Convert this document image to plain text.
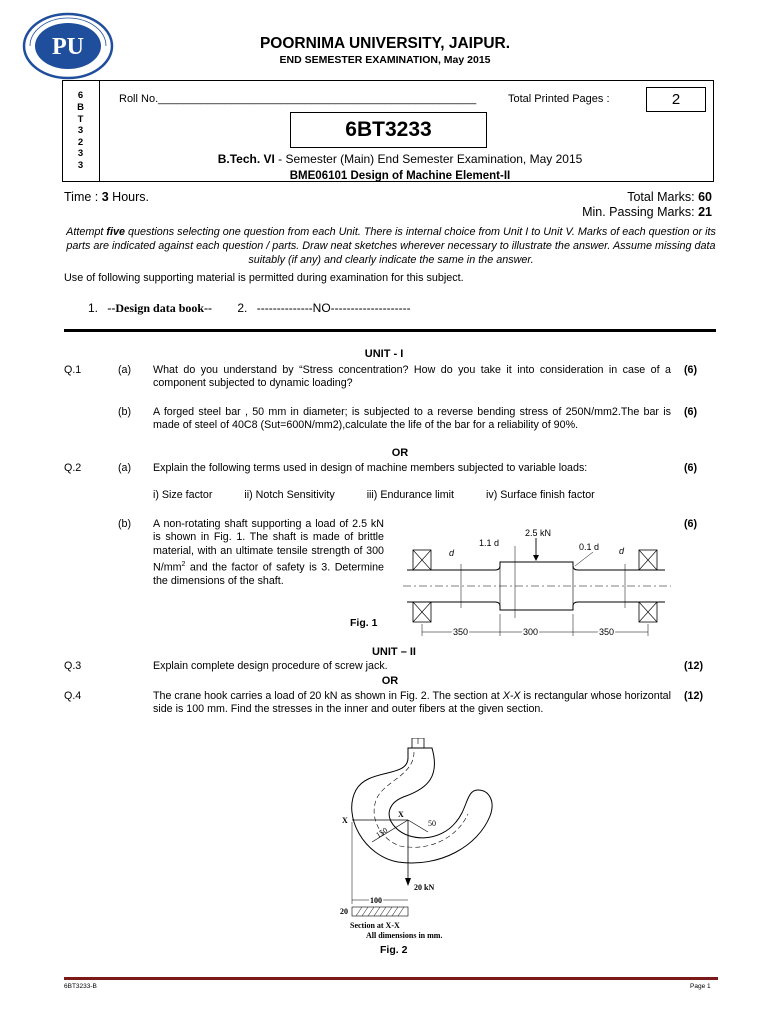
PU	POORNIMA UNIVERSITY, JAIPUR.
END SEMESTER EXAMINATION, May 2015
6
B
T
3
2
3
3
Roll No.____________________________________________________	Total Printed Pages :	2
6BT3233
B.Tech. VI - Semester (Main) End Semester Examination, May 2015
BME06101 Design of Machine Element-II
Time : 3 Hours.	Total Marks: 60
Min. Passing Marks: 21
Attempt five questions selecting one question from each Unit. There is internal choice from Unit I to Unit V. Marks of each question or its parts are indicated against each question / parts. Draw neat sketches wherever necessary to illustrate the answer. Assume missing data suitably (if any) and clearly indicate the same in the answer.
Use of following supporting material is permitted during examination for this subject.
1. --Design data book-- 2. --------------NO--------------------
UNIT - I
Q.1	(a) What do you understand by “Stress concentration? How do you take it into consideration in case of a component subjected to dynamic loading?
(6)
(b) A forged steel bar , 50 mm in diameter; is subjected to a reverse bending stress of 250N/mm2.The bar is made of steel of 40C8 (Sut=600N/mm2),calculate the life of the bar for a reliability of 90%.
(6)
OR
Q.2	(a) Explain the following terms used in design of machine members subjected to variable loads:	(6)
i) Size factor	ii) Notch Sensitivity	iii) Endurance limit	iv) Surface finish factor
(b) A non-rotating shaft supporting a load of 2.5 kN is shown in Fig. 1. The shaft is made of brittle material, with an ultimate tensile strength of 300 $N/mm^2$ and the factor of safety is 3. Determine the dimensions of the shaft.
(6)
Fig. 1
2.5 kN
d	d
1.1 d	0.1 d
350	300	350
UNIT – II
Q.3	Explain complete design procedure of screw jack.	(12)
OR
Q.4	The crane hook carries a load of 20 kN as shown in Fig. 2. The section at X-X is rectangular whose horizontal side is 100 mm. Find the stresses in the inner and outer fibers at the given section.
(12)
X
X
150
50
20 kN
100
20
Section at X-X
All dimensions in mm.
Fig. 2
6BT3233-B	Page 1
